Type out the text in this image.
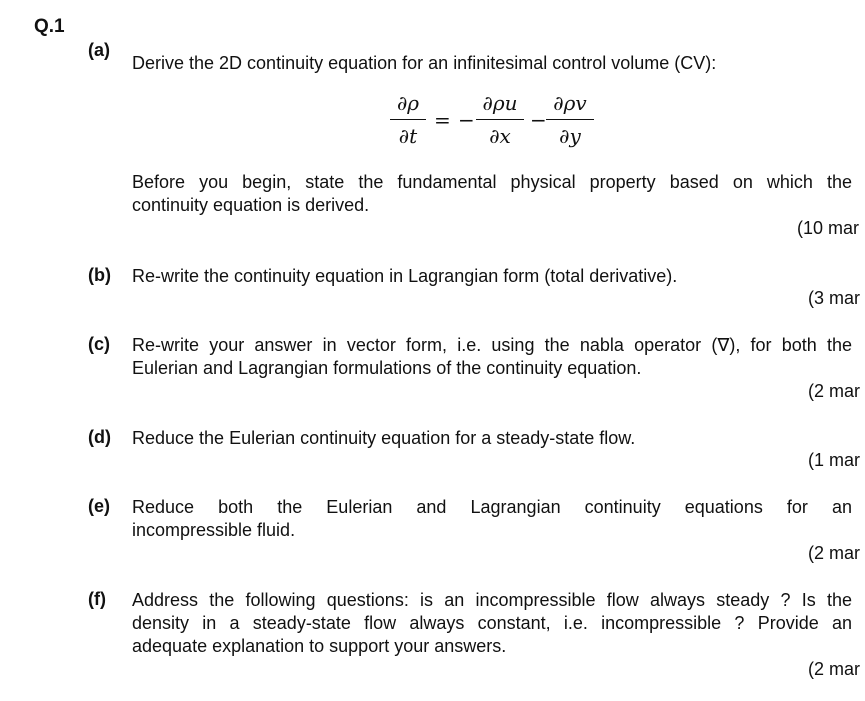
Q.1
(a)
Derive the 2D continuity equation for an infinitesimal control volume (CV):
$\frac{\partial\rho}{\partial t}$ = − $\frac{\partial\rho u}{\partial x} - \frac{\partial\rho v}{\partial y}$
Before you begin, state the fundamental physical property based on which the
continuity equation is derived.
(10 mar
(b) Re-write the continuity equation in Lagrangian form (total derivative).
(3 mar
(c) Re-write your answer in vector form, i.e. using the nabla operator (∇), for both the
Eulerian and Lagrangian formulations of the continuity equation.
(2 mar
(d) Reduce the Eulerian continuity equation for a steady-state flow.
(1 mar
(e) Reduce both the Eulerian and Lagrangian continuity equations for an
incompressible fluid.
(2 mar
(f) Address the following questions: is an incompressible flow always steady ? Is the
density in a steady-state flow always constant, i.e. incompressible ? Provide an
adequate explanation to support your answers.
(2 mar
